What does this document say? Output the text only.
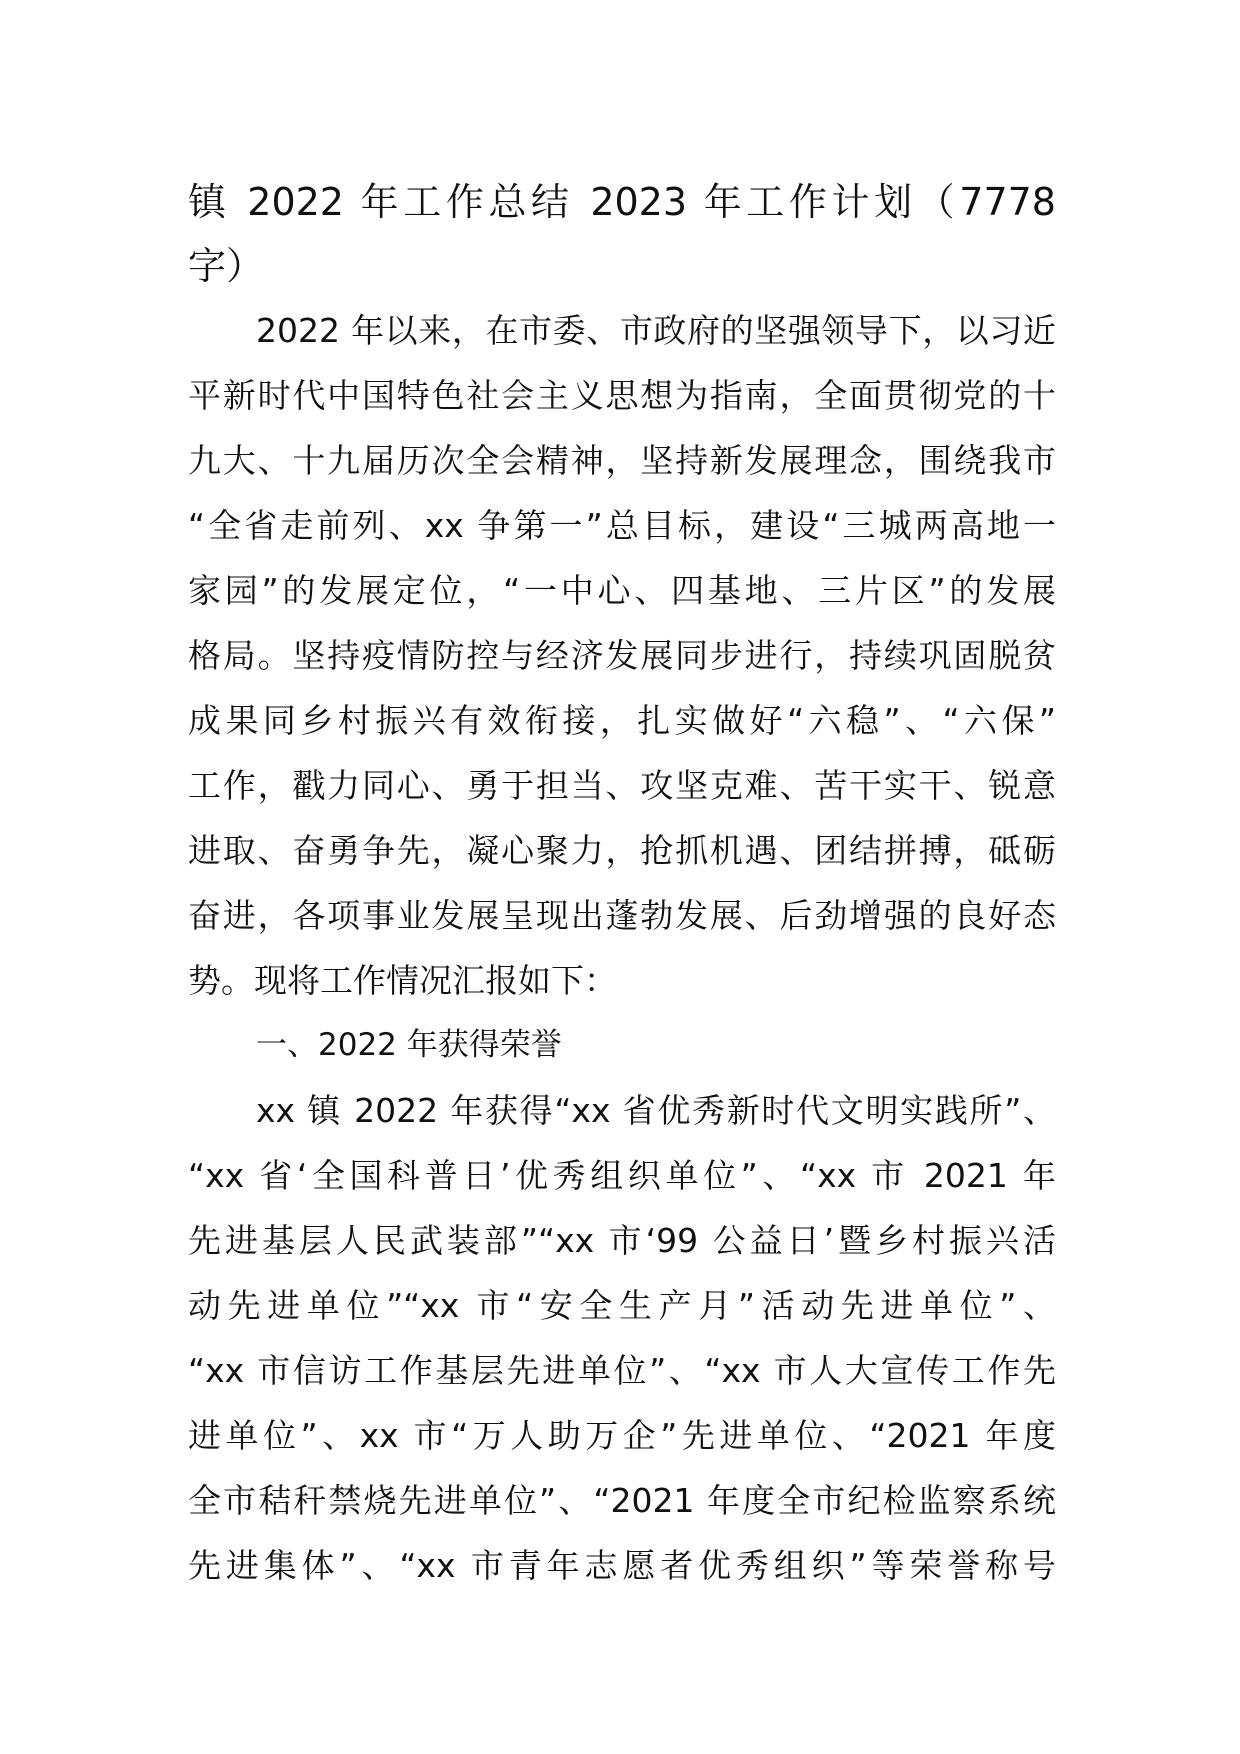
镇 2022 年工作总结 2023 年工作计划（7778
字）
2022 年以来，在市委、市政府的坚强领导下，以习近
平新时代中国特色社会主义思想为指南，全面贯彻党的十
九大、十九届历次全会精神，坚持新发展理念，围绕我市
“全省走前列、xx 争第一”总目标，建设“三城两高地一
家园”的发展定位，“一中心、四基地、三片区”的发展
格局。坚持疫情防控与经济发展同步进行，持续巩固脱贫
成果同乡村振兴有效衔接，扎实做好“六稳”、“六保”
工作，戳力同心、勇于担当、攻坚克难、苦干实干、锐意
进取、奋勇争先，凝心聚力，抢抓机遇、团结拼搏，砥砺
奋进，各项事业发展呈现出蓬勃发展、后劲增强的良好态
势。现将工作情况汇报如下：
一、2022 年获得荣誉
xx 镇 2022 年获得“xx 省优秀新时代文明实践所”、
“xx 省‘全国科普日’优秀组织单位”、“xx 市 2021 年
先进基层人民武装部”“xx 市‘99 公益日’暨乡村振兴活
动先进单位”“xx 市“安全生产月”活动先进单位”、
“xx 市信访工作基层先进单位”、“xx 市人大宣传工作先
进单位”、xx 市“万人助万企”先进单位、“2021 年度
全市秸秆禁烧先进单位”、“2021 年度全市纪检监察系统
先进集体”、“xx 市青年志愿者优秀组织”等荣誉称号
